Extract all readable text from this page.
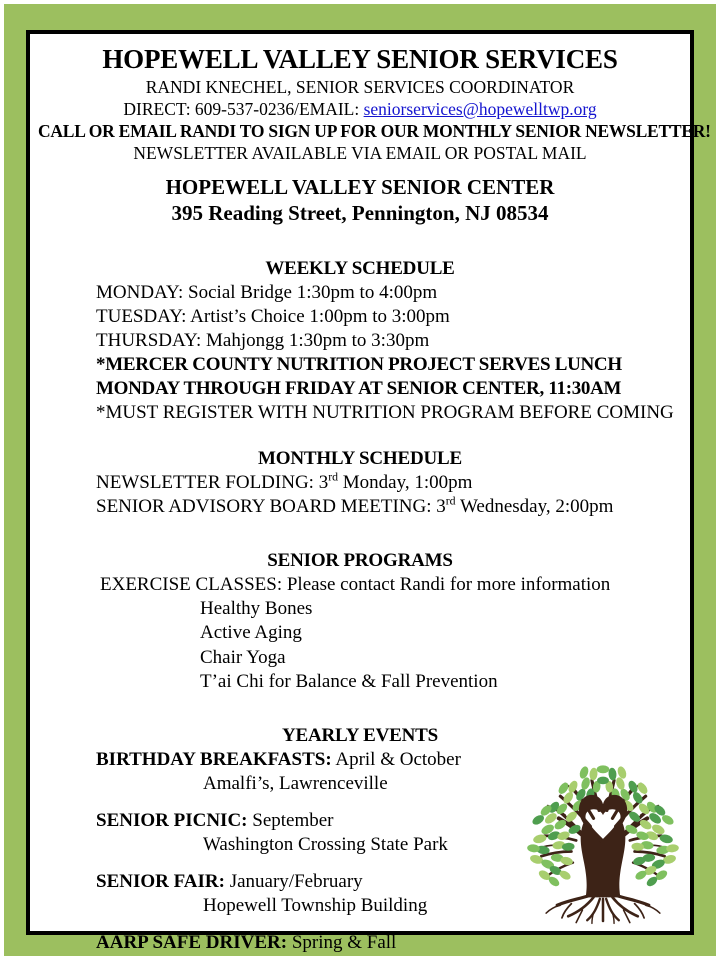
HOPEWELL VALLEY SENIOR SERVICES
RANDI KNECHEL, SENIOR SERVICES COORDINATOR
DIRECT: 609-537-0236/EMAIL: seniorservices@hopewelltwp.org
CALL OR EMAIL RANDI TO SIGN UP FOR OUR MONTHLY SENIOR NEWSLETTER!
NEWSLETTER AVAILABLE VIA EMAIL OR POSTAL MAIL
HOPEWELL VALLEY SENIOR CENTER
395 Reading Street, Pennington, NJ 08534
WEEKLY SCHEDULE
MONDAY: Social Bridge 1:30pm to 4:00pm
TUESDAY: Artist’s Choice 1:00pm to 3:00pm
THURSDAY: Mahjongg 1:30pm to 3:30pm
*MERCER COUNTY NUTRITION PROJECT SERVES LUNCH
MONDAY THROUGH FRIDAY AT SENIOR CENTER, 11:30AM
*MUST REGISTER WITH NUTRITION PROGRAM BEFORE COMING
MONTHLY SCHEDULE
NEWSLETTER FOLDING: 3rd Monday, 1:00pm
SENIOR ADVISORY BOARD MEETING: 3rd Wednesday, 2:00pm
SENIOR PROGRAMS
EXERCISE CLASSES: Please contact Randi for more information
Healthy Bones
Active Aging
Chair Yoga
T’ai Chi for Balance & Fall Prevention
YEARLY EVENTS
BIRTHDAY BREAKFASTS: April & October
Amalfi’s, Lawrenceville
SENIOR PICNIC: September
Washington Crossing State Park
SENIOR FAIR: January/February
Hopewell Township Building
AARP SAFE DRIVER: Spring & Fall
